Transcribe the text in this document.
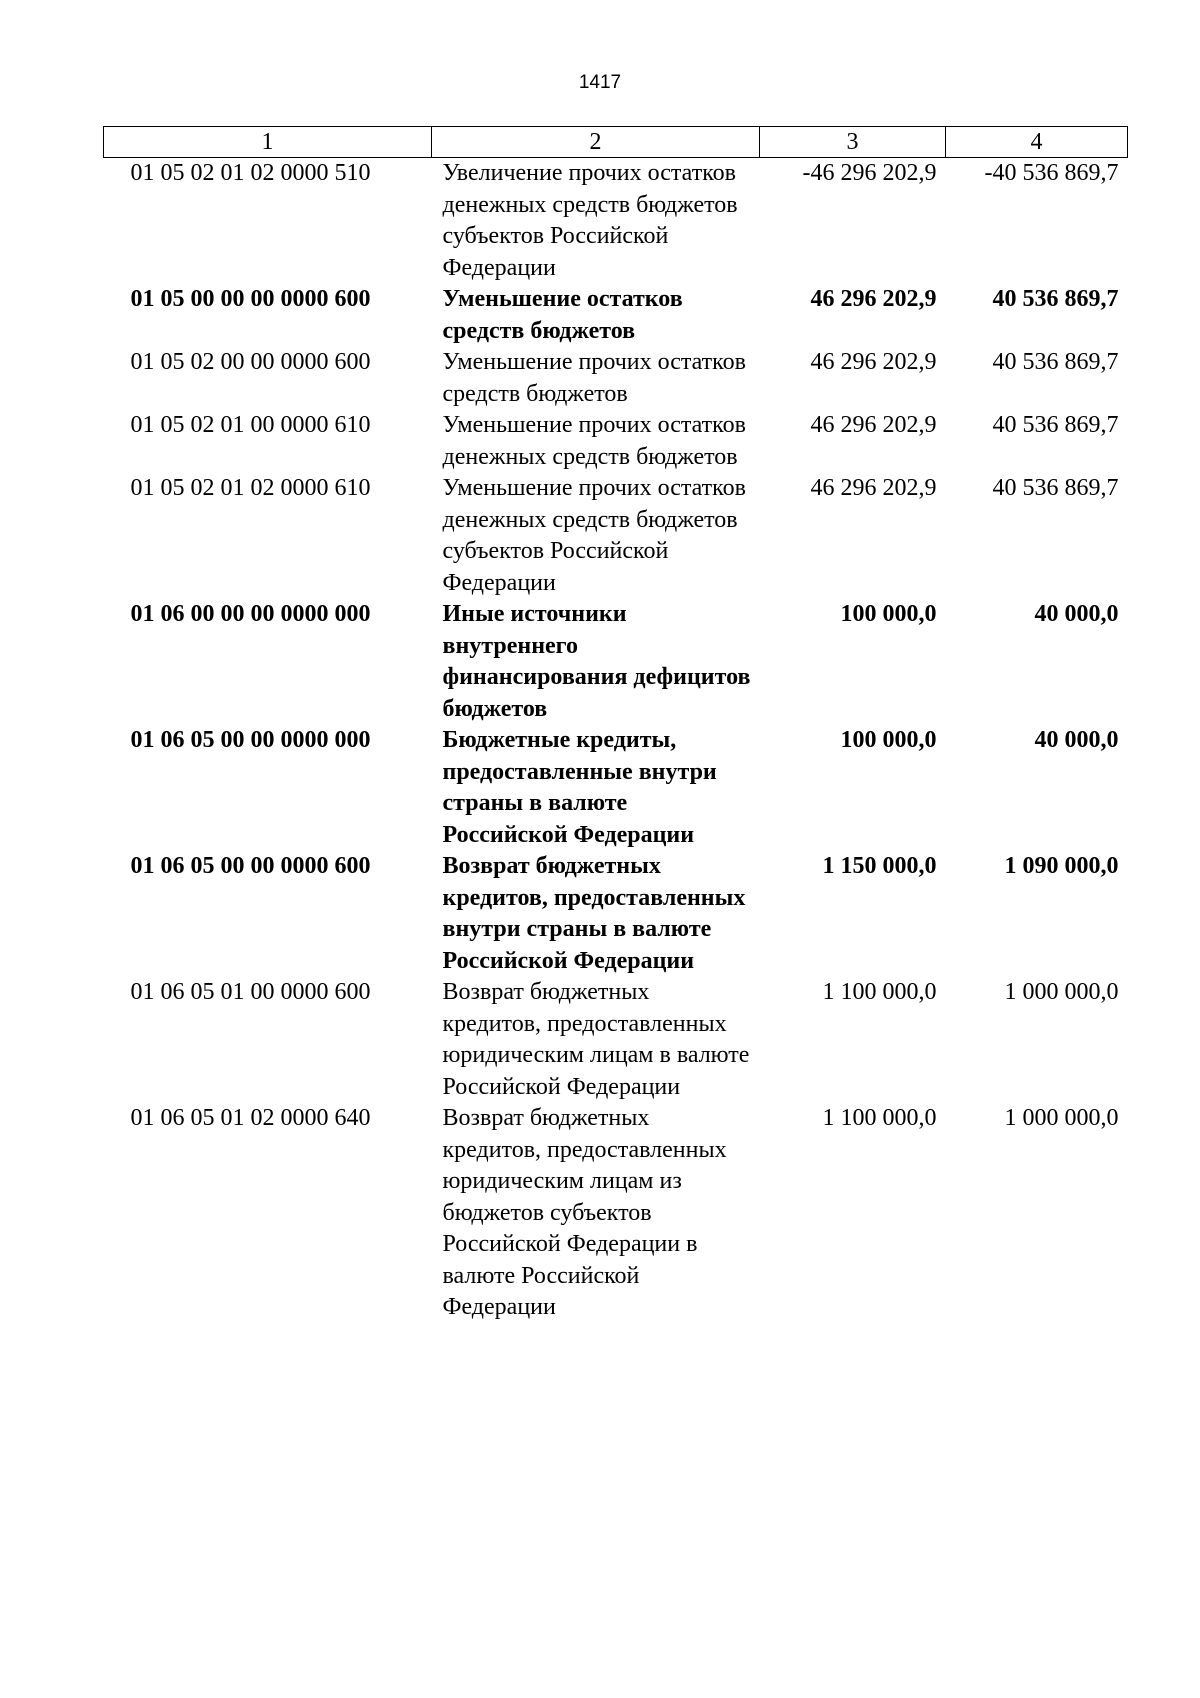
1417
1	2	3	4
01 05 02 01 02 0000 510	Увеличение прочих остатков денежных средств бюджетов субъектов Российской Федерации	-46 296 202,9	-40 536 869,7
01 05 00 00 00 0000 600	Уменьшение остатков средств бюджетов	46 296 202,9	40 536 869,7
01 05 02 00 00 0000 600	Уменьшение прочих остатков средств бюджетов	46 296 202,9	40 536 869,7
01 05 02 01 00 0000 610	Уменьшение прочих остатков денежных средств бюджетов	46 296 202,9	40 536 869,7
01 05 02 01 02 0000 610	Уменьшение прочих остатков денежных средств бюджетов субъектов Российской Федерации	46 296 202,9	40 536 869,7
01 06 00 00 00 0000 000	Иные источники внутреннего финансирования дефицитов бюджетов	100 000,0	40 000,0
01 06 05 00 00 0000 000	Бюджетные кредиты, предоставленные внутри страны в валюте Российской Федерации	100 000,0	40 000,0
01 06 05 00 00 0000 600	Возврат бюджетных кредитов, предоставленных внутри страны в валюте Российской Федерации	1 150 000,0	1 090 000,0
01 06 05 01 00 0000 600	Возврат бюджетных кредитов, предоставленных юридическим лицам в валюте Российской Федерации	1 100 000,0	1 000 000,0
01 06 05 01 02 0000 640	Возврат бюджетных кредитов, предоставленных юридическим лицам из бюджетов субъектов Российской Федерации в валюте Российской Федерации	1 100 000,0	1 000 000,0
